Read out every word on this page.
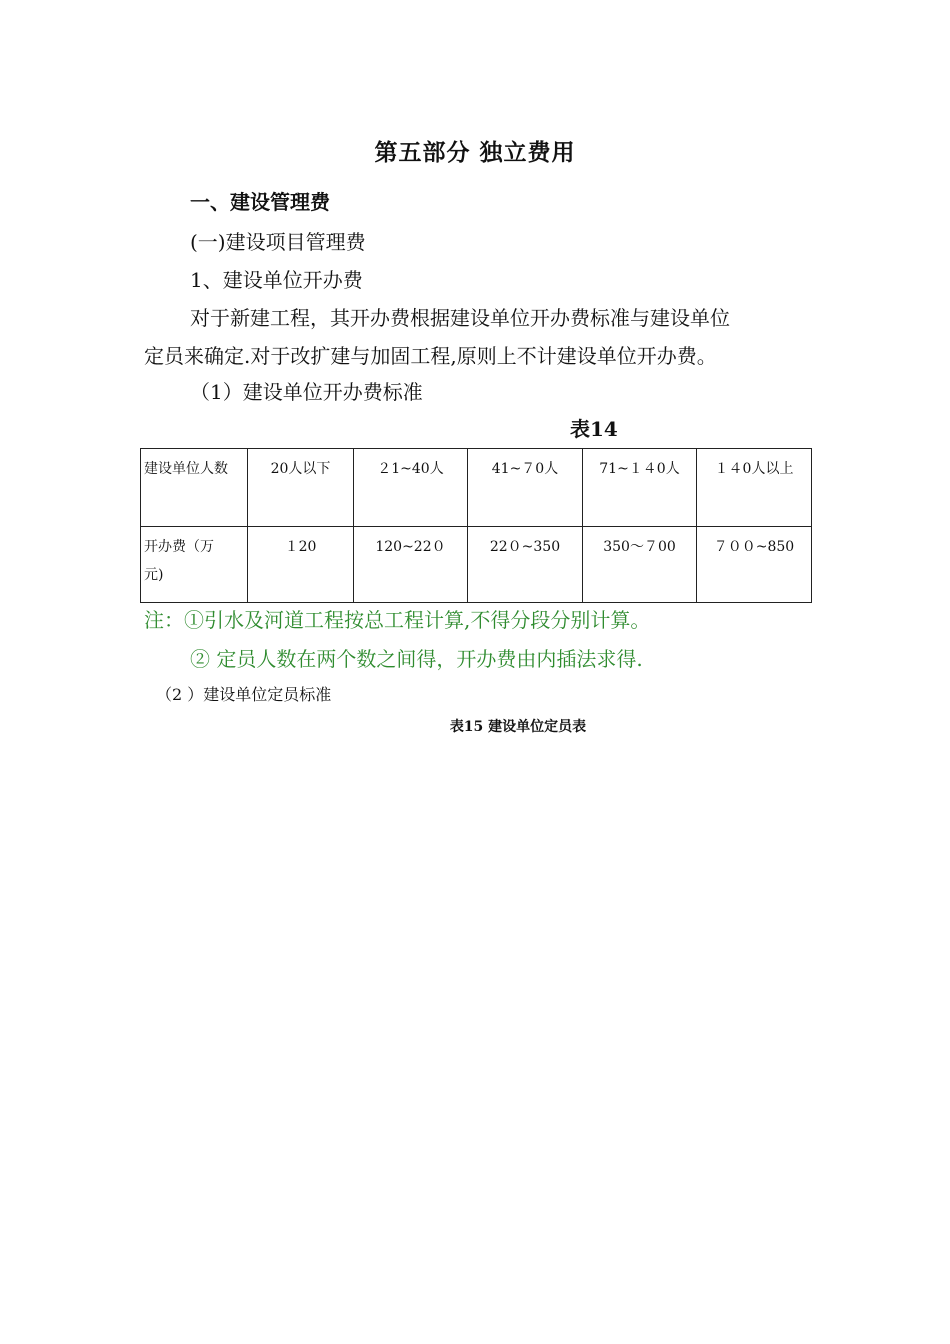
第五部分 独立费用
一、建设管理费
(一)建设项目管理费
1、建设单位开办费
对于新建工程，其开办费根据建设单位开办费标准与建设单位
定员来确定.对于改扩建与加固工程,原则上不计建设单位开办费。
（1）建设单位开办费标准
表14
建设单位人数	20人以下	２1~40人	41~７0人	71~１４0人	１４0人以上

开办费（万
元)	１20	120~22０	22０~350	350～７00	７００~850
注：①引水及河道工程按总工程计算,不得分段分别计算。
② 定员人数在两个数之间得，开办费由内插法求得.
（2 ）建设单位定员标准
表15 建设单位定员表
